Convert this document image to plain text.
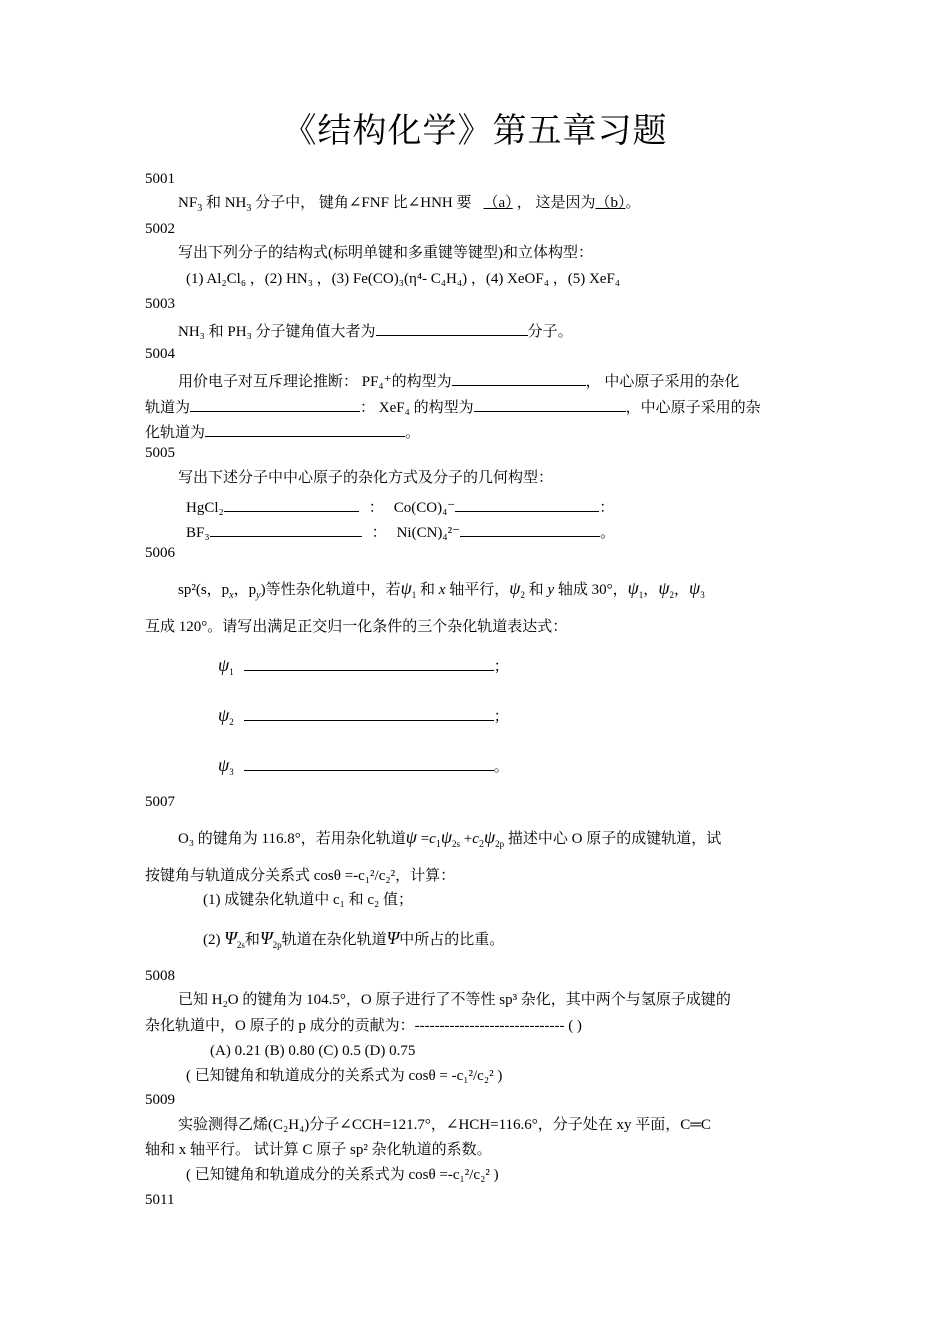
《结构化学》第五章习题
5001
$NF_3$ 和 $NH_3$ 分子中， 键角∠FNF 比∠HNH 要 （a） ， 这是因为（b）。
5002
写出下列分子的结构式(标明单键和多重键等键型)和立体构型：
(1) Al₂Cl₆ ，(2) HN₃ ，(3) Fe(CO)₃(η⁴- C₄H₄) ，(4) XeOF₄ ，(5) XeF₄
5003
NH₃ 和 PH₃ 分子键角值大者为	分子。
5004
用价电子对互斥理论推断： PF₄⁺的构型为	， 中心原子采用的杂化
轨道为	： XeF₄ 的构型为	，中心原子采用的杂
化轨道为	。
5005
写出下述分子中中心原子的杂化方式及分子的几何构型：
HgCl₂	： Co(CO)₄⁻	：
BF₃	： Ni(CN)₄²⁻	。
5006
sp²(s，$p_x$，$p_y$)等性杂化轨道中，若$\psi_1$ 和 x 轴平行，$\psi_2$ 和 y 轴成 30°，$\psi_1$，$\psi_2$，$\psi_3$
互成 120°。请写出满足正交归一化条件的三个杂化轨道表达式：
$\psi_1$	；
$\psi_2$	；
$\psi_3$	。
5007
O₃ 的键角为 116.8°，若用杂化轨道$\psi =c_1\psi_{2s} +c_2\psi_{2p}$ 描述中心 O 原子的成键轨道，试
按键角与轨道成分关系式 cosθ =-c₁²/c₂²，计算：
(1) 成键杂化轨道中 c₁ 和 c₂ 值；
(2) $\Psi_{2s}$和$\Psi_{2p}$轨道在杂化轨道Ψ中所占的比重。
5008
已知 H₂O 的键角为 104.5°，O 原子进行了不等性 sp³ 杂化，其中两个与氢原子成键的
杂化轨道中，O 原子的 p 成分的贡献为：------------------------------ ( )
(A) 0.21 (B) 0.80 (C) 0.5 (D) 0.75
( 已知键角和轨道成分的关系式为 cosθ = -c₁²/c₂² )
5009
实验测得乙烯(C₂H₄)分子∠CCH=121.7°，∠HCH=116.6°，分子处在 xy 平面，C═C
轴和 x 轴平行。 试计算 C 原子 sp² 杂化轨道的系数。
( 已知键角和轨道成分的关系式为 cosθ =-c₁²/c₂² )
5011
